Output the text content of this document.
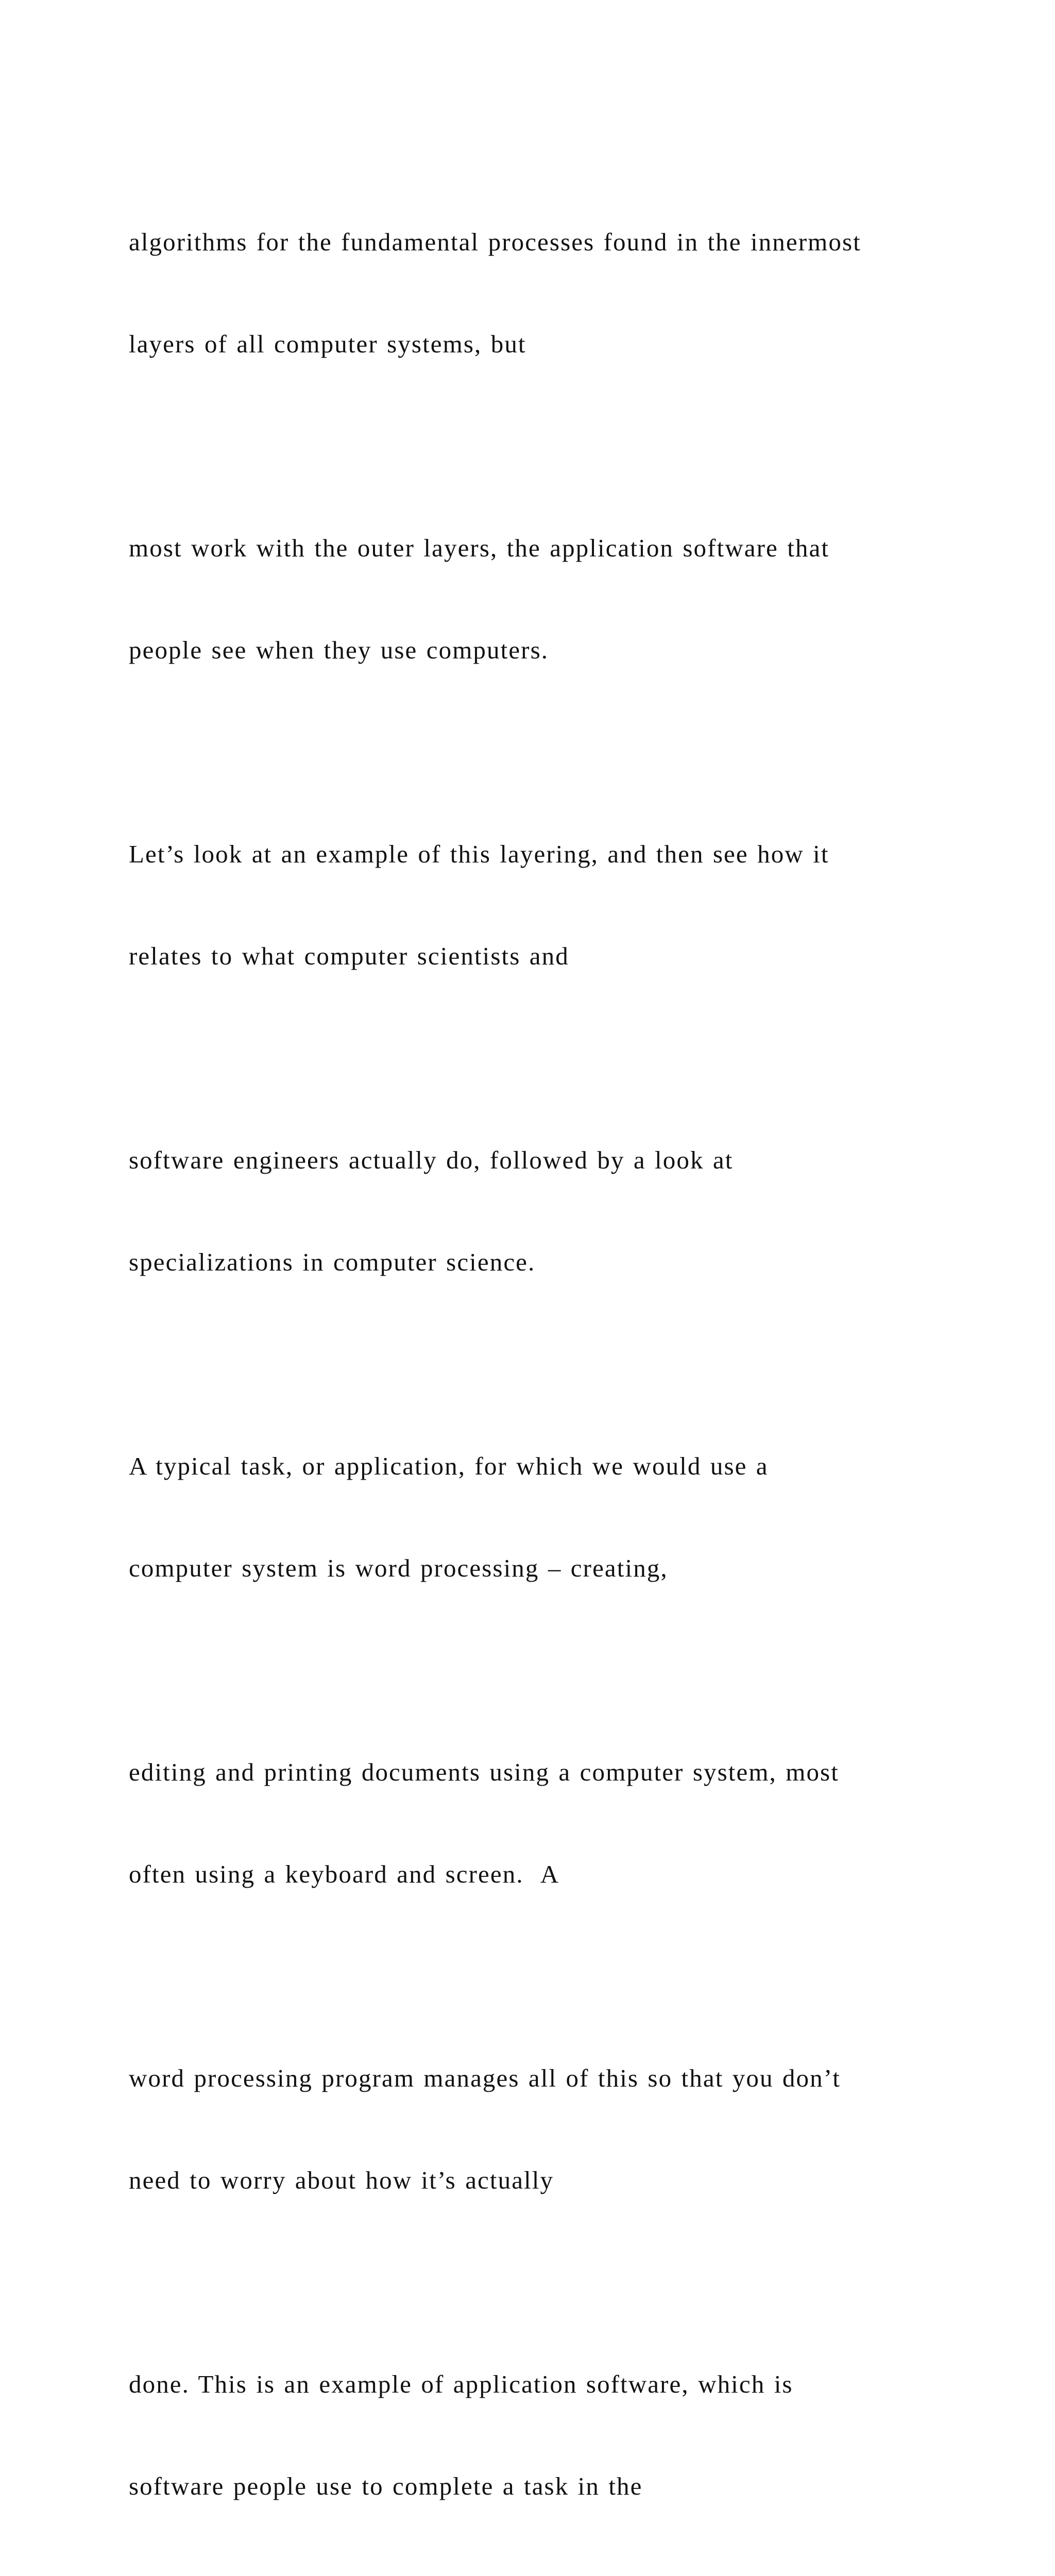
algorithms for the fundamental processes found in the innermost

layers of all computer systems, but

most work with the outer layers, the application software that

people see when they use computers.

Let’s look at an example of this layering, and then see how it

relates to what computer scientists and

software engineers actually do, followed by a look at

specializations in computer science.

A typical task, or application, for which we would use a

computer system is word processing – creating,

editing and printing documents using a computer system, most

often using a keyboard and screen.  A

word processing program manages all of this so that you don’t

need to worry about how it’s actually

done. This is an example of application software, which is

software people use to complete a task in the
